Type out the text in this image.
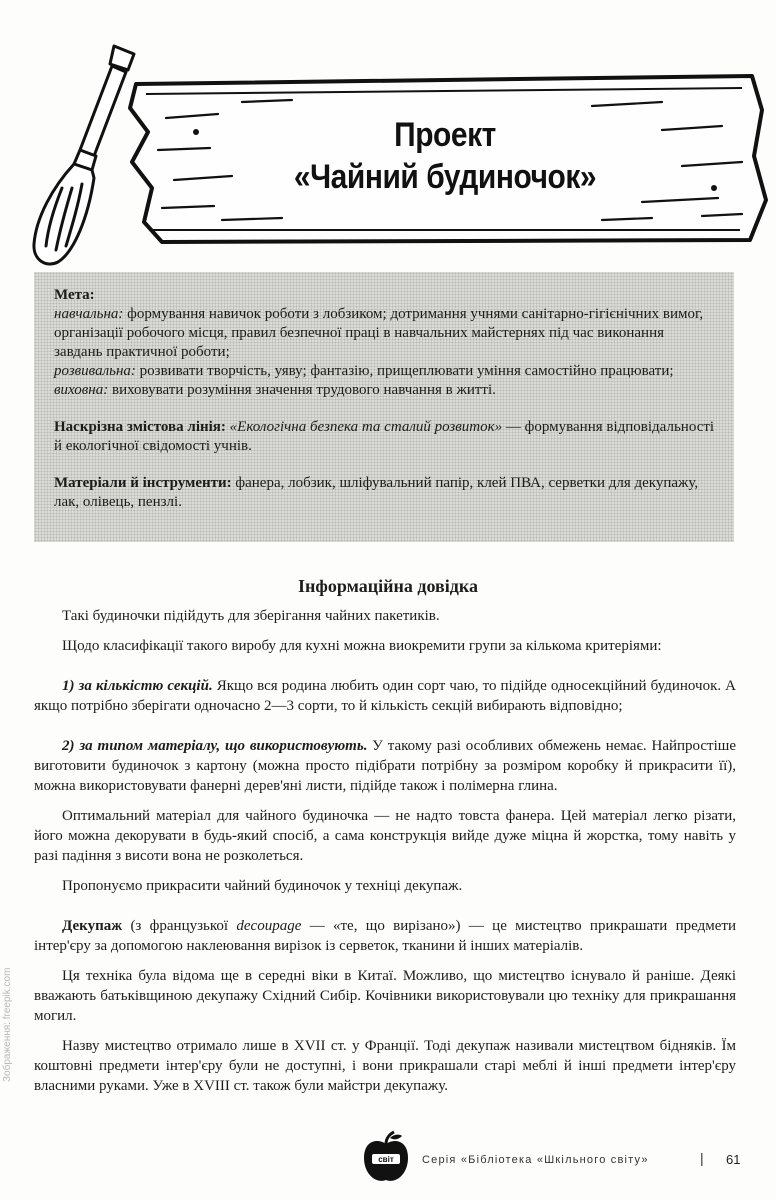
Проект
«Чайний будиночок»

Мета:

навчальна: формування навичок роботи з лобзиком; дотримання учнями санітарно-гігієнічних вимог, організації робочого місця, правил безпечної праці в навчальних майстернях під час виконання завдань практичної роботи;

розвивальна: розвивати творчість, уяву; фантазію, прищеплювати уміння самостійно працювати;

виховна: виховувати розуміння значення трудового навчання в житті.

Наскрізна змістова лінія: «Екологічна безпека та сталий розвиток» — формування відповідальності й екологічної свідомості учнів.

Матеріали й інструменти: фанера, лобзик, шліфувальний папір, клей ПВА, серветки для декупажу, лак, олівець, пензлі.

Інформаційна довідка

Такі будиночки підійдуть для зберігання чайних пакетиків.

Щодо класифікації такого виробу для кухні можна виокремити групи за кількома критеріями:

1) за кількістю секцій. Якщо вся родина любить один сорт чаю, то підійде односекційний будиночок. А якщо потрібно зберігати одночасно 2—3 сорти, то й кількість секцій вибирають відповідно;

2) за типом матеріалу, що використовують. У такому разі особливих обмежень немає. Найпростіше виготовити будиночок з картону (можна просто підібрати потрібну за розміром коробку й прикрасити її), можна використовувати фанерні дерев'яні листи, підійде також і полімерна глина.

Оптимальний матеріал для чайного будиночка — не надто товста фанера. Цей матеріал легко різати, його можна декорувати в будь-який спосіб, а сама конструкція вийде дуже міцна й жорстка, тому навіть у разі падіння з висоти вона не розколеться.

Пропонуємо прикрасити чайний будиночок у техніці декупаж.

Декупаж (з французької decoupage — «те, що вирізано») — це мистецтво прикрашати предмети інтер'єру за допомогою наклеювання вирізок із серветок, тканини й інших матеріалів.

Ця техніка була відома ще в середні віки в Китаї. Можливо, що мистецтво існувало й раніше. Деякі вважають батьківщиною декупажу Східний Сибір. Кочівники використовували цю техніку для прикрашання могил.

Назву мистецтво отримало лише в XVII ст. у Франції. Тоді декупаж називали мистецтвом бідняків. Їм коштовні предмети інтер'єру були не доступні, і вони прикрашали старі меблі й інші предмети інтер'єру власними руками. Уже в XVIII ст. також були майстри декупажу.

Зображення: freepik.com
світ	Серія «Бібліотека «Шкільного світу»	| 61
